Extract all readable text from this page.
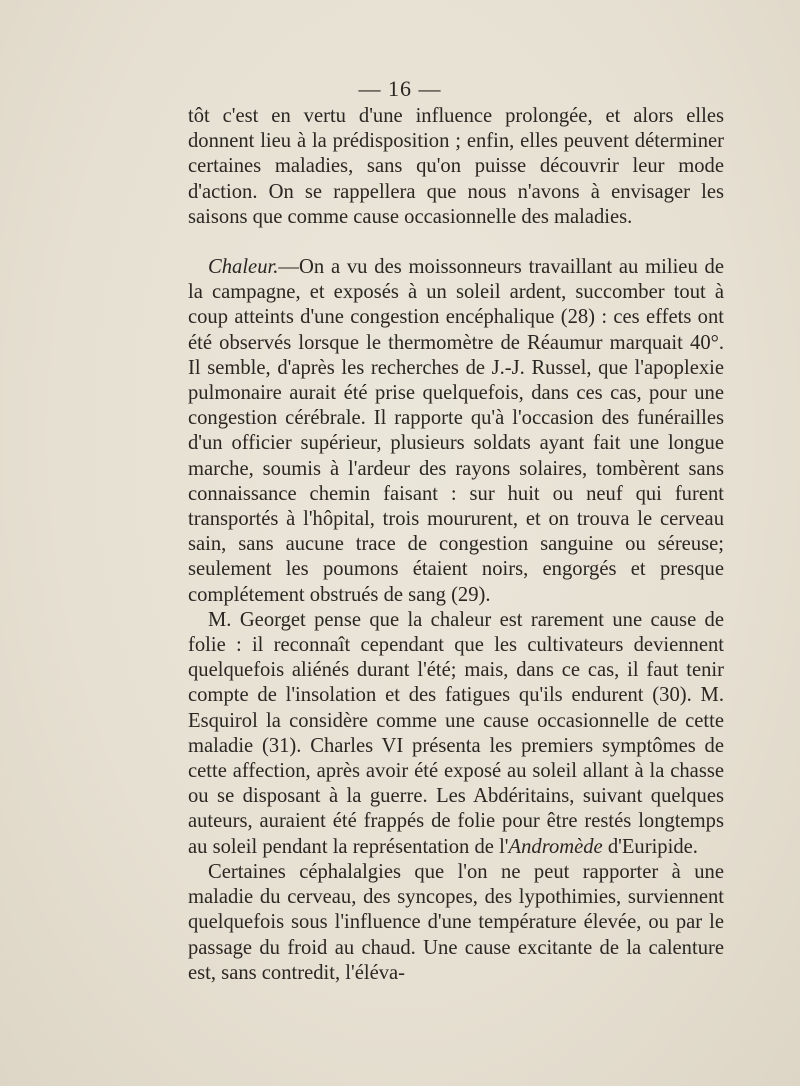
— 16 —

tôt c'est en vertu d'une influence prolongée, et alors elles donnent lieu à la prédisposition ; enfin, elles peuvent déterminer certaines maladies, sans qu'on puisse découvrir leur mode d'action. On se rappellera que nous n'avons à envisager les saisons que comme cause occasionnelle des maladies.

Chaleur.—On a vu des moissonneurs travaillant au milieu de la campagne, et exposés à un soleil ardent, succomber tout à coup atteints d'une congestion encéphalique (28) : ces effets ont été observés lorsque le thermomètre de Réaumur marquait 40°. Il semble, d'après les recherches de J.-J. Russel, que l'apoplexie pulmonaire aurait été prise quelquefois, dans ces cas, pour une congestion cérébrale. Il rapporte qu'à l'occasion des funérailles d'un officier supérieur, plusieurs soldats ayant fait une longue marche, soumis à l'ardeur des rayons solaires, tombèrent sans connaissance chemin faisant : sur huit ou neuf qui furent transportés à l'hôpital, trois moururent, et on trouva le cerveau sain, sans aucune trace de congestion sanguine ou séreuse; seulement les poumons étaient noirs, engorgés et presque complétement obstrués de sang (29).

M. Georget pense que la chaleur est rarement une cause de folie : il reconnaît cependant que les cultivateurs deviennent quelquefois aliénés durant l'été; mais, dans ce cas, il faut tenir compte de l'insolation et des fatigues qu'ils endurent (30). M. Esquirol la considère comme une cause occasionnelle de cette maladie (31). Charles VI présenta les premiers symptômes de cette affection, après avoir été exposé au soleil allant à la chasse ou se disposant à la guerre. Les Abdéritains, suivant quelques auteurs, auraient été frappés de folie pour être restés longtemps au soleil pendant la représentation de l'Andromède d'Euripide.

Certaines céphalalgies que l'on ne peut rapporter à une maladie du cerveau, des syncopes, des lypothimies, surviennent quelquefois sous l'influence d'une température élevée, ou par le passage du froid au chaud. Une cause excitante de la calenture est, sans contredit, l'éléva-
